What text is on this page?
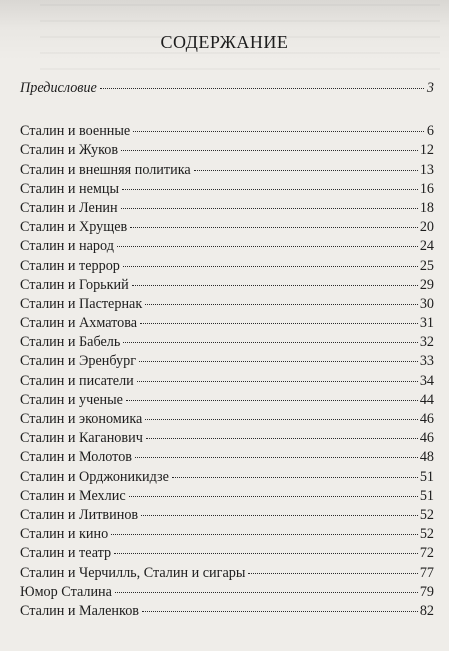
СОДЕРЖАНИЕ
Предисловие	3
Сталин и военные	6
Сталин и Жуков	12
Сталин и внешняя политика	13
Сталин и немцы	16
Сталин и Ленин	18
Сталин и Хрущев	20
Сталин и народ	24
Сталин и террор	25
Сталин и Горький	29
Сталин и Пастернак	30
Сталин и Ахматова	31
Сталин и Бабель	32
Сталин и Эренбург	33
Сталин и писатели	34
Сталин и ученые	44
Сталин и экономика	46
Сталин и Каганович	46
Сталин и Молотов	48
Сталин и Орджоникидзе	51
Сталин и Мехлис	51
Сталин и Литвинов	52
Сталин и кино	52
Сталин и театр	72
Сталин и Черчилль, Сталин и сигары	77
Юмор Сталина	79
Сталин и Маленков	82
